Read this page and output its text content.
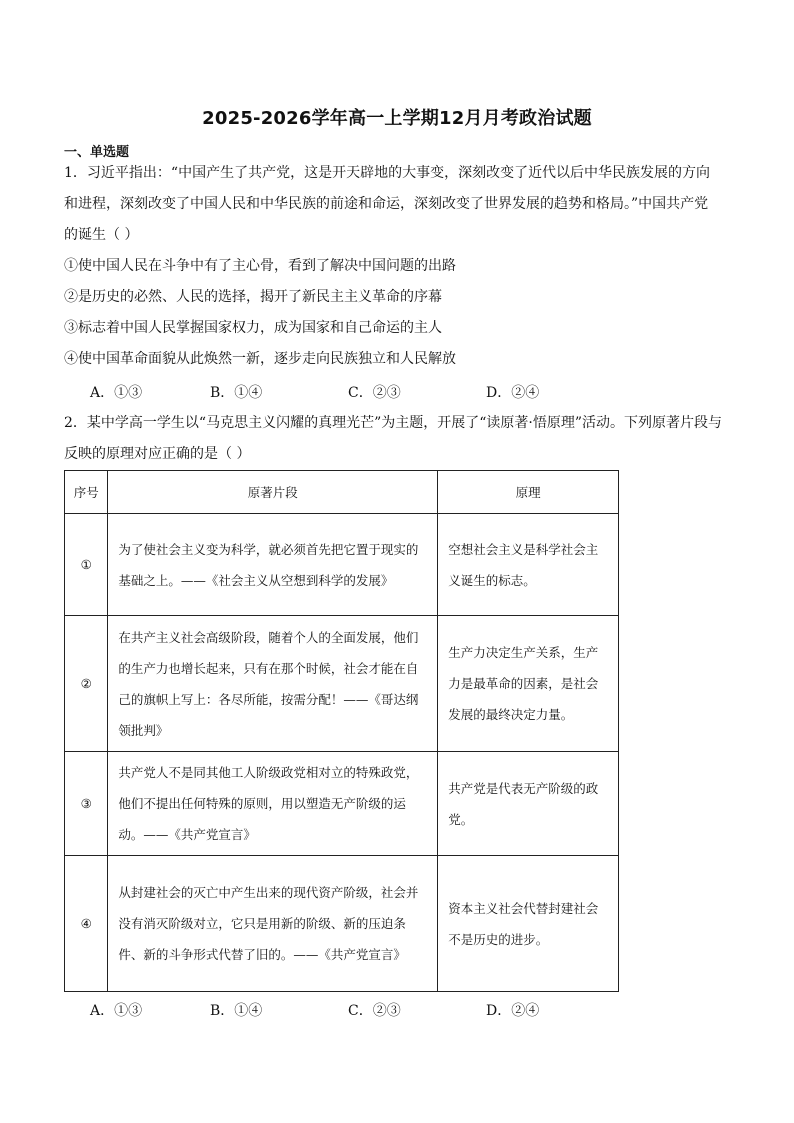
2025-2026学年高一上学期12月月考政治试题
一、单选题
1．习近平指出：“中国产生了共产党，这是开天辟地的大事变，深刻改变了近代以后中华民族发展的方向
和进程，深刻改变了中国人民和中华民族的前途和命运，深刻改变了世界发展的趋势和格局。”中国共产党
的诞生（ ）
①使中国人民在斗争中有了主心骨，看到了解决中国问题的出路
②是历史的必然、人民的选择，揭开了新民主主义革命的序幕
③标志着中国人民掌握国家权力，成为国家和自己命运的主人
④使中国革命面貌从此焕然一新，逐步走向民族独立和人民解放
A．①③	B．①④	C．②③	D．②④
2．某中学高一学生以“马克思主义闪耀的真理光芒”为主题，开展了“读原著·悟原理”活动。下列原著片段与
反映的原理对应正确的是（ ）
序号	原著片段	原理
①	为了使社会主义变为科学，就必须首先把它置于现实的基础之上。——《社会主义从空想到科学的发展》	空想社会主义是科学社会主义诞生的标志。
②	在共产主义社会高级阶段，随着个人的全面发展，他们的生产力也增长起来，只有在那个时候，社会才能在自己的旗帜上写上：各尽所能，按需分配！——《哥达纲领批判》	生产力决定生产关系，生产力是最革命的因素，是社会发展的最终决定力量。
③	共产党人不是同其他工人阶级政党相对立的特殊政党，他们不提出任何特殊的原则，用以塑造无产阶级的运动。——《共产党宣言》	共产党是代表无产阶级的政党。
④	从封建社会的灭亡中产生出来的现代资产阶级，社会并没有消灭阶级对立，它只是用新的阶级、新的压迫条件、新的斗争形式代替了旧的。——《共产党宣言》	资本主义社会代替封建社会不是历史的进步。
A．①③	B．①④	C．②③	D．②④
